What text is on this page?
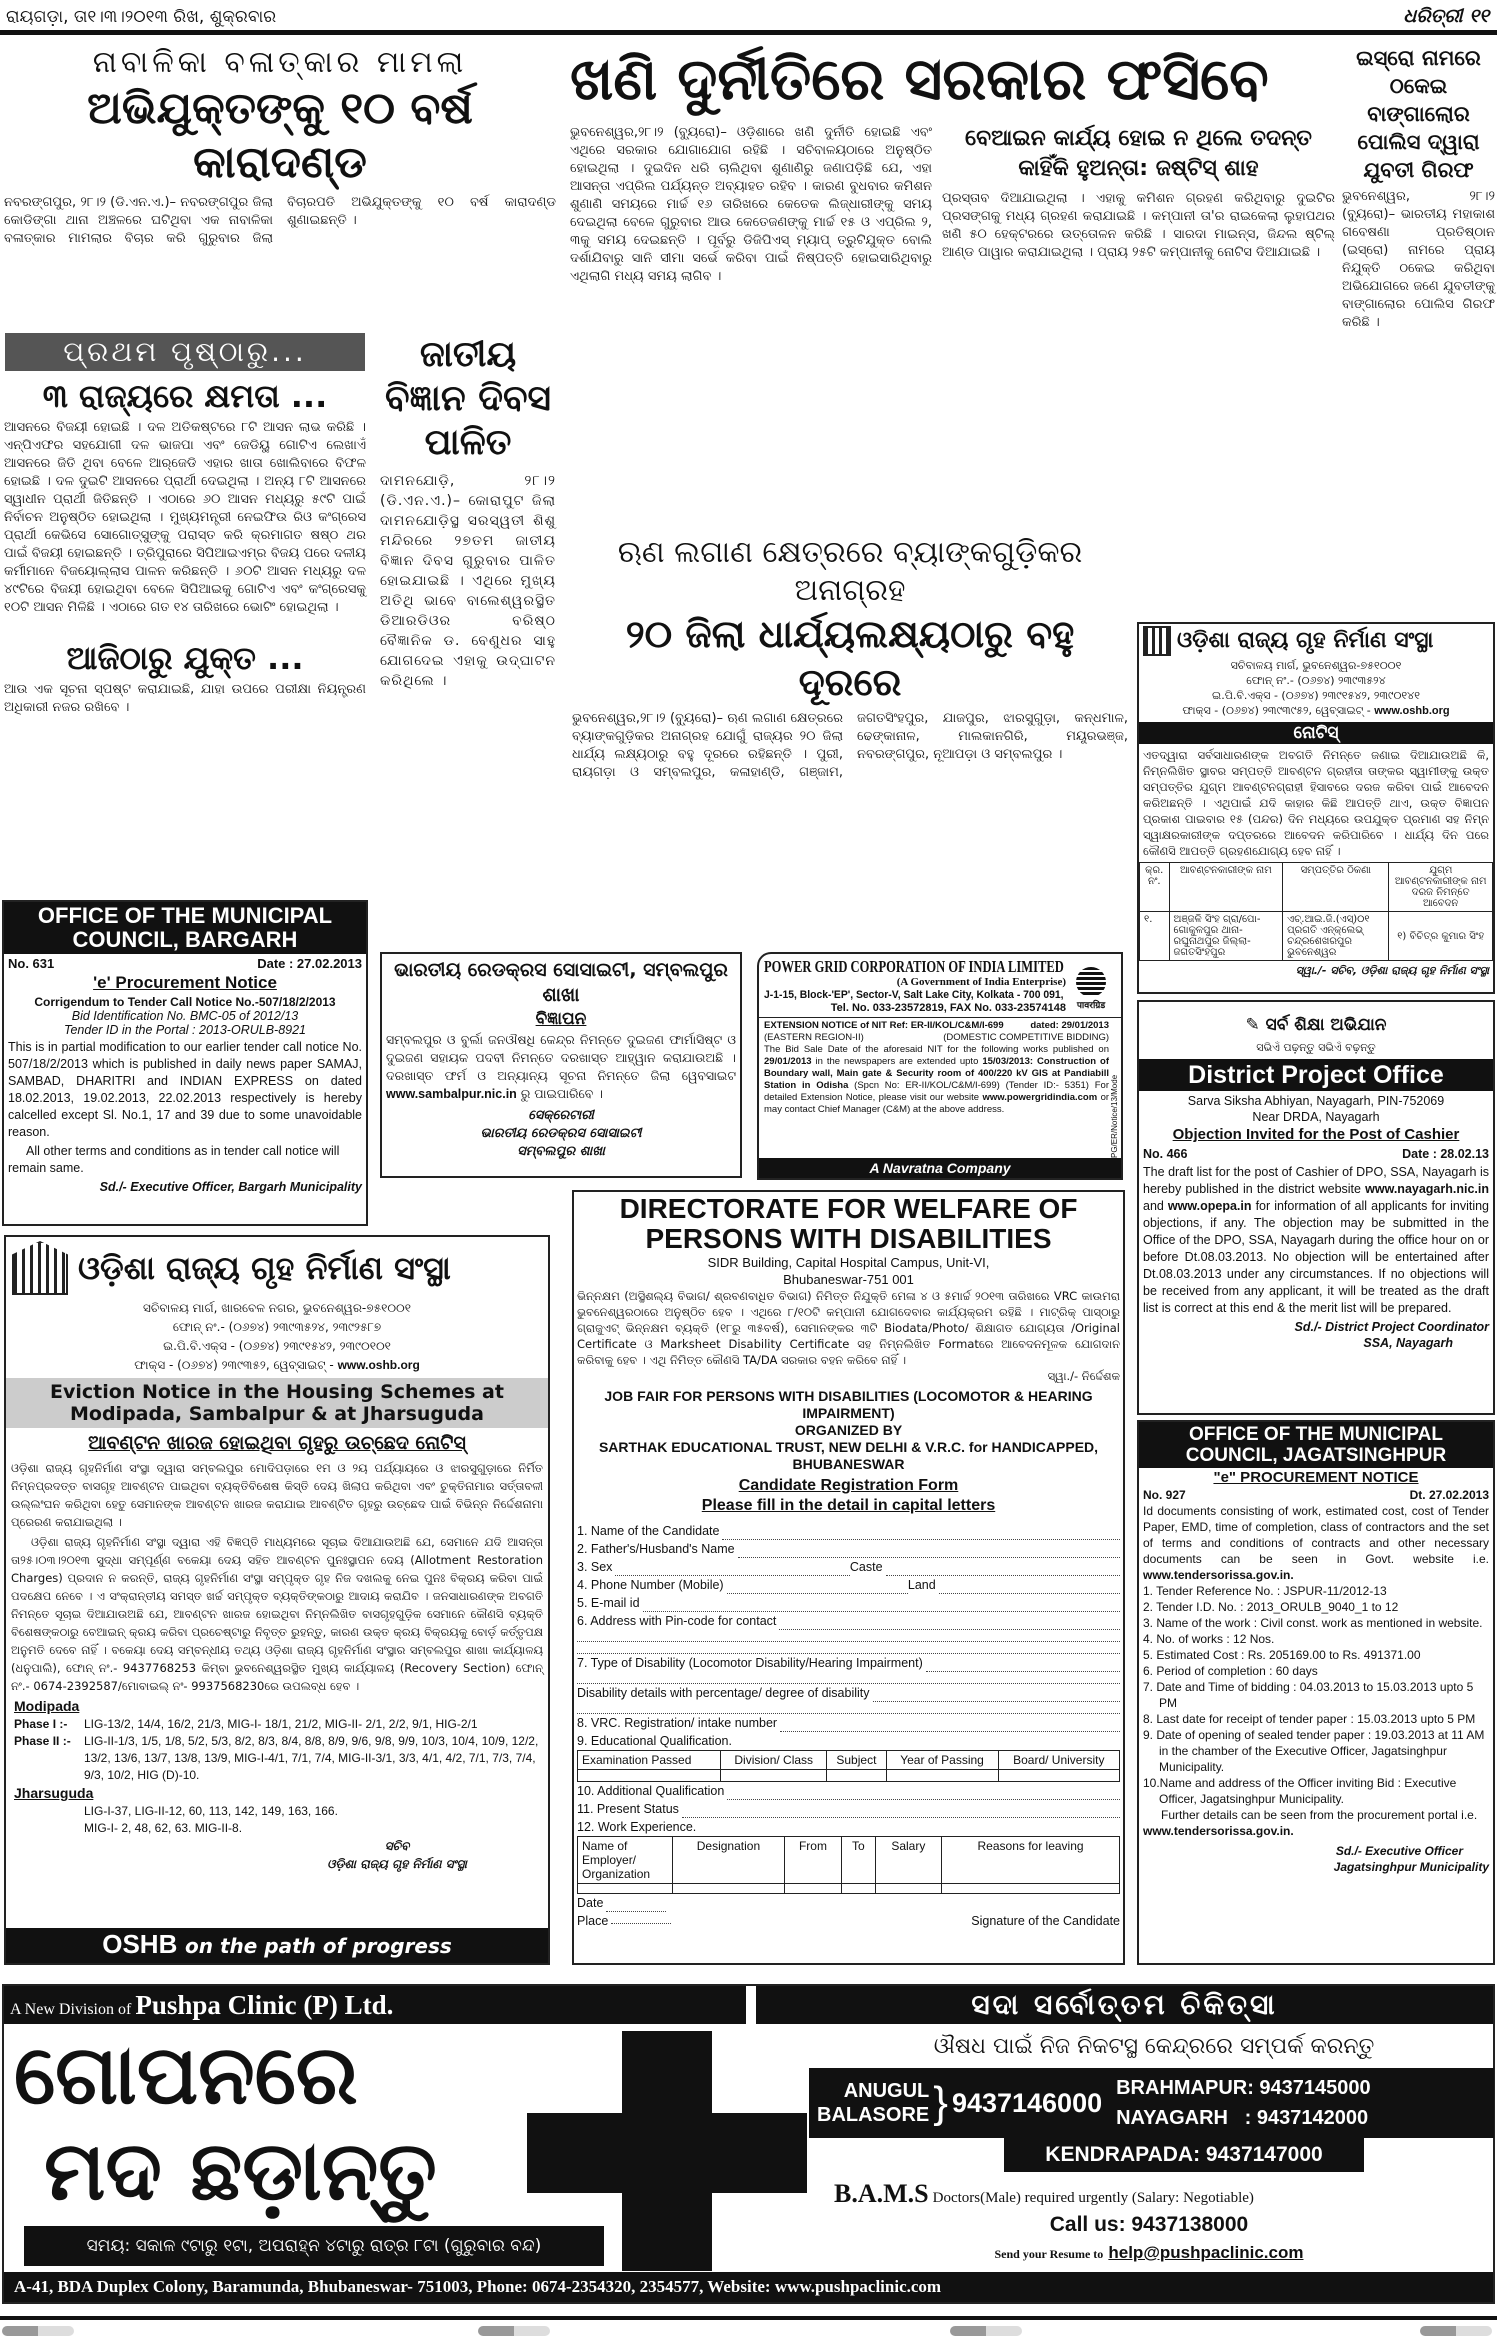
ରାୟଗଡ଼ା, ତା୧।୩।୨୦୧୩ ରିଖ, ଶୁକ୍ରବାର	ଧରିତ୍ରୀ ୧୧
ନାବାଳିକା ବଳାତ୍କାର ମାମଲା
ଅଭିଯୁକ୍ତଙ୍କୁ ୧୦ ବର୍ଷ କାରାଦଣ୍ଡ
ନବରଙ୍ଗପୁର, ୨୮।୨ (ଡି.ଏନ.ଏ.)– ନବରଙ୍ଗପୁର ଜିଲା କୋଡିଙ୍ଗା ଥାନା ଅଞ୍ଚଳରେ ଘଟିଥିବା ଏକ ନାବାଳିକା ବଳାତ୍କାର ମାମଲାର ବିଚାର କରି ଗୁରୁବାର ଜିଲା ବିଚାରପତି ଅଭିଯୁକ୍ତଙ୍କୁ ୧୦ ବର୍ଷ କାରାଦଣ୍ଡ ଶୁଣାଇଛନ୍ତି ।
ପ୍ରଥମ ପୃଷ୍ଠାରୁ...
୩ ରାଜ୍ୟରେ କ୍ଷମତା ...
ଆସନରେ ବିଜୟୀ ହୋଇଛି । ଦଳ ଅତିକଷ୍ଟରେ ୮ଟି ଆସନ ଲାଭ କରିଛି । ଏନ୍‌ପିଏଫର ସହଯୋଗୀ ଦଳ ଭାଜପା ଏବଂ ଜେଡିୟୁ ଗୋଟିଏ ଲେଖାଏଁ ଆସନରେ ଜିତି ଥିବା ବେଳେ ଆର୍‌ଜେଡି ଏହାର ଖାତା ଖୋଲିବାରେ ବିଫଳ ହୋଇଛି । ଦଳ ଦୁଇଟି ଆସନରେ ପ୍ରାର୍ଥୀ ଦେଇଥିଲା । ଅନ୍ୟ ୮ଟି ଆସନରେ ସ୍ୱାଧୀନ ପ୍ରାର୍ଥୀ ଜିତିଛନ୍ତି । ଏଠାରେ ୬୦ ଆସନ ମଧ୍ୟରୁ ୫୯ଟି ପାଇଁ ନିର୍ବାଚନ ଅନୁଷ୍ଠିତ ହୋଇଥିଲା । ମୁଖ୍ୟମନ୍ତ୍ରୀ ନେଇଫିଉ ରିଓ କଂଗ୍ରେସ ପ୍ରାର୍ଥୀ କେଭିସେ ସୋଗୋତ୍ସୁଙ୍କୁ ପରାସ୍ତ କରି କ୍ରମାଗତ ଷଷ୍ଠ ଥର ପାଇଁ ବିଜୟୀ ହୋଇଛନ୍ତି । ତ୍ରିପୁରାରେ ସିପିଆଇଏମ୍‌ର ବିଜୟ ପରେ ଦଳୀୟ କର୍ମୀମାନେ ବିଜୟୋଲ୍ଲାସ ପାଳନ କରିଛନ୍ତି । ୬୦ଟି ଆସନ ମଧ୍ୟରୁ ଦଳ ୪୯ଟିରେ ବିଜୟୀ ହୋଇଥିବା ବେଳେ ସିପିଆଇକୁ ଗୋଟିଏ ଏବଂ କଂଗ୍ରେସକୁ ୧୦ଟି ଆସନ ମିଳିଛି । ଏଠାରେ ଗତ ୧୪ ତାରିଖରେ ଭୋଟିଂ ହୋଇଥିଲା ।
ଆଜିଠାରୁ ଯୁକ୍ତ ...
ଆଉ ଏକ ସୂଚନା ସ୍ପଷ୍ଟ କରାଯାଇଛି, ଯାହା ଉପରେ ପରୀକ୍ଷା ନିୟନ୍ତ୍ରଣ ଅଧିକାରୀ ନଜର ରଖିବେ ।
ଜାତୀୟ ବିଜ୍ଞାନ ଦିବସ ପାଳିତ
ଦାମନଯୋଡ଼ି, ୨୮।୨ (ଡି.ଏନ.ଏ.)– କୋରାପୁଟ ଜିଲା ଦାମନଯୋଡ଼ିସ୍ଥ ସରସ୍ୱତୀ ଶିଶୁ ମନ୍ଦିରରେ ୨୭ତମ ଜାତୀୟ ବିଜ୍ଞାନ ଦିବସ ଗୁରୁବାର ପାଳିତ ହୋଇଯାଇଛି । ଏଥିରେ ମୁଖ୍ୟ ଅତିଥି ଭାବେ ବାଲେଶ୍ୱରସ୍ଥିତ ଡିଆରଡିଓର ବରିଷ୍ଠ ବୈଜ୍ଞାନିକ ଡ. ବେଣୁଧର ସାହୁ ଯୋଗଦେଇ ଏହାକୁ ଉଦ୍‌ଘାଟନ କରିଥିଲେ ।
OFFICE OF THE MUNICIPAL COUNCIL, BARGARH
No. 631	Date : 27.02.2013
'e' Procurement Notice
Corrigendum to Tender Call Notice No.-507/18/2/2013
Bid Identification No. BMC-05 of 2012/13
Tender ID in the Portal : 2013-ORULB-8921
This is in partial modification to our earlier tender call notice No. 507/18/2/2013 which is published in daily news paper SAMAJ, SAMBAD, DHARITRI and INDIAN EXPRESS on dated 18.02.2013, 19.02.2013, 22.02.2013 respectively is hereby calcelled except Sl. No.1, 17 and 39 due to some unavoidable reason.
All other terms and conditions as in tender call notice will remain same.
Sd./- Executive Officer, Bargarh Municipality
ଖଣି ଦୁର୍ନୀତିରେ ସରକାର ଫସିବେ
ଭୁବନେଶ୍ୱର,୨୮।୨ (ବ୍ୟୁରୋ)– ଓଡ଼ିଶାରେ ଖଣି ଦୁର୍ନୀତି ହୋଇଛି ଏବଂ ଏଥିରେ ସରକାର ଯୋଗାଯୋଗ ରହିଛି । ସଚିବାଳୟଠାରେ ଅନୁଷ୍ଠିତ ହୋଇଥିଲା । ଦୁଇଦିନ ଧରି ଚାଲିଥିବା ଶୁଣାଣିରୁ ଜଣାପଡ଼ିଛି ଯେ, ଏହା ଆସନ୍ତା ଏପ୍ରିଲ ପର୍ଯ୍ୟନ୍ତ ଅବ୍ୟାହତ ରହିବ । କାରଣ ବୁଧବାର କମିଶନ ଶୁଣାଣି ସମୟରେ ମାର୍ଚ୍ଚ ୧୬ ତାରିଖରେ କେତେକ ଲିଜ୍‌ଧାରୀଙ୍କୁ ସମୟ ଦେଇଥିଲା ବେଳେ ଗୁରୁବାର ଆଉ କେତେଜଣଙ୍କୁ ମାର୍ଚ୍ଚ ୧୫ ଓ ଏପ୍ରିଲ ୨, ୩କୁ ସମୟ ଦେଇଛନ୍ତି । ପୂର୍ବରୁ ଡିଜିପିଏସ୍ ମ୍ୟାପ୍ ତ୍ରୁଟିଯୁକ୍ତ ବୋଲି ଦର୍ଶାଯିବାରୁ ସାନି ସୀମା ସର୍ଭେ କରିବା ପାଇଁ ନିଷ୍ପତ୍ତି ହୋଇସାରିଥିବାରୁ ଏଥିଲାଗି ମଧ୍ୟ ସମୟ ଲାଗିବ ।
ବେଆଇନ କାର୍ଯ୍ୟ ହୋଇ ନ ଥିଲେ ତଦନ୍ତ କାହିଁକି ହୁଅନ୍ତା: ଜଷ୍ଟିସ୍ ଶାହ
ପ୍ରସ୍ତାବ ଦିଆଯାଇଥିଲା । ଏହାକୁ କମିଶନ ଗ୍ରହଣ କରିଥିବାରୁ ଦୁଇଟିର ପ୍ରସଙ୍ଗକୁ ମଧ୍ୟ ଗ୍ରହଣ କରାଯାଇଛି । କମ୍ପାନୀ ତା'ର ରାଇକେଲା ଲୁହାପଥର ଖଣି ୫୦ ହେକ୍ଟରରେ ଉତ୍ତୋଳନ କରିଛି । ସାରଦା ମାଇନ୍ସ, ଜିନ୍ଦଲ ଷ୍ଟିଲ୍ ଆଣ୍ଡ ପାୱାର କରାଯାଇଥିଲା । ପ୍ରାୟ ୨୫ଟି କମ୍ପାନୀକୁ ନୋଟିସ ଦିଆଯାଇଛି ।
ଋଣ ଲଗାଣ କ୍ଷେତ୍ରରେ ବ୍ୟାଙ୍କଗୁଡ଼ିକର ଅନାଗ୍ରହ
୨୦ ଜିଲା ଧାର୍ଯ୍ୟଲକ୍ଷ୍ୟଠାରୁ ବହୁ ଦୂରରେ
ଭୁବନେଶ୍ୱର,୨୮।୨ (ବ୍ୟୁରୋ)– ଋଣ ଲଗାଣ କ୍ଷେତ୍ରରେ ବ୍ୟାଙ୍କଗୁଡ଼ିକର ଅନାଗ୍ରହ ଯୋଗୁଁ ରାଜ୍ୟର ୨୦ ଜିଲା ଧାର୍ଯ୍ୟ ଲକ୍ଷ୍ୟଠାରୁ ବହୁ ଦୂରରେ ରହିଛନ୍ତି । ପୁରୀ, ରାୟଗଡ଼ା ଓ ସମ୍ବଲପୁର, କଳାହାଣ୍ଡି, ଗଞ୍ଜାମ, ଜଗତସିଂହପୁର, ଯାଜପୁର, ଝାରସୁଗୁଡ଼ା, କନ୍ଧମାଳ, ଢେଙ୍କାନାଳ, ମାଲକାନଗିରି, ମୟୂରଭଞ୍ଜ, ନବରଙ୍ଗପୁର, ନୂଆପଡ଼ା ଓ ସମ୍ବଲପୁର ।
ଇସ୍ରୋ ନାମରେ ଠକେଇ ବାଙ୍ଗାଲୋର ପୋଲିସ ଦ୍ୱାରା ଯୁବତୀ ଗିରଫ
ଭୁବନେଶ୍ୱର, ୨୮।୨ (ବ୍ୟୁରୋ)– ଭାରତୀୟ ମହାକାଶ ଗବେଷଣା ପ୍ରତିଷ୍ଠାନ (ଇସ୍ରୋ) ନାମରେ ପ୍ରାୟ ନିଯୁକ୍ତି ଠକେଇ କରିଥିବା ଅଭିଯୋଗରେ ଜଣେ ଯୁବତୀଙ୍କୁ ବାଙ୍ଗାଲୋର ପୋଲିସ ଗିରଫ କରିଛି ।
ଭାରତୀୟ ରେଡକ୍ରସ ସୋସାଇଟୀ, ସମ୍ବଲପୁର ଶାଖା
ବିଜ୍ଞାପନ
ସମ୍ବଲପୁର ଓ ବୁର୍ଲା ଜନଔଷଧି କେନ୍ଦ୍ର ନିମନ୍ତେ ଦୁଇଜଣ ଫାର୍ମାସିଷ୍ଟ ଓ ଦୁଇଜଣ ସହାୟକ ପଦବୀ ନିମନ୍ତେ ଦରଖାସ୍ତ ଆହ୍ୱାନ କରାଯାଉଅଛି । ଦରଖାସ୍ତ ଫର୍ମ ଓ ଅନ୍ୟାନ୍ୟ ସୂଚନା ନିମନ୍ତେ ଜିଲା ୱେବସାଇଟ www.sambalpur.nic.in ରୁ ପାଇପାରିବେ ।
ସେକ୍ରେଟାରୀ
ଭାରତୀୟ ରେଡକ୍ରସ ସୋସାଇଟୀ
ସମ୍ବଲପୁର ଶାଖା
POWER GRID CORPORATION OF INDIA LIMITED
(A Government of India Enterprise)
J-1-15, Block-'EP', Sector-V, Salt Lake City, Kolkata - 700 091,
Tel. No. 033-23572819, FAX No. 033-23574148 पावरग्रिड
EXTENSION NOTICE of NIT Ref: ER-II/KOL/C&M/I-699	dated: 29/01/2013
(EASTERN REGION-II)	(DOMESTIC COMPETITIVE BIDDING)
The Bid Sale Date of the aforesaid NIT for the following works published on 29/01/2013 in the newspapers are extended upto 15/03/2013: Construction of Boundary wall, Main gate & Security room of 400/220 kV GIS at Pandiabill Station in Odisha (Spcn No: ER-II/KOL/C&M/I-699) (Tender ID:- 5351) For detailed Extension Notice, please visit our website www.powergridindia.com or may contact Chief Manager (C&M) at the above address.	PG/ER/Notice/13/Mode
A Navratna Company
ଓଡ଼ିଶା ରାଜ୍ୟ ଗୃହ ନିର୍ମାଣ ସଂସ୍ଥା
ସଚିବାଳୟ ମାର୍ଗ, ଭୁବନେଶ୍ୱର-୭୫୧୦୦୧
ଫୋନ୍ ନଂ.- (୦୬୭୪) ୨୩୯୩୫୨୪
ଇ.ପି.ବି.ଏକ୍ସ - (୦୬୭୪) ୨୩୯୧୫୪୨, ୨୩୯୦୧୪୧
ଫାକ୍ସ - (୦୬୭୪) ୨୩୯୩୯୫୨, ୱେବ୍‌ସାଇଟ୍ - www.oshb.org
ନୋଟିସ୍
ଏତଦ୍ୱାରା ସର୍ବସାଧାରଣଙ୍କ ଅବଗତି ନିମନ୍ତେ ଜଣାଇ ଦିଆଯାଉଅଛି କି, ନିମ୍ନଲିଖିତ ସ୍ଥାବର ସମ୍ପତ୍ତି ଆବଣ୍ଟନ ଗ୍ରହୀତା ତାଙ୍କର ସ୍ୱାମୀଙ୍କୁ ଉକ୍ତ ସମ୍ପତ୍ତିର ଯୁଗ୍ମ ଆବଣ୍ଟନଗ୍ରାହୀ ହିସାବରେ ଦରଜ କରିବା ପାଇଁ ଆବେଦନ କରିଅଛନ୍ତି । ଏଥିପାଇଁ ଯଦି କାହାର କିଛି ଆପତ୍ତି ଥାଏ, ଉକ୍ତ ବିଜ୍ଞାପନ ପ୍ରକାଶ ପାଇବାର ୧୫ (ପନ୍ଦର) ଦିନ ମଧ୍ୟରେ ଉପଯୁକ୍ତ ପ୍ରମାଣ ସହ ନିମ୍ନ ସ୍ୱାକ୍ଷରକାରୀଙ୍କ ଦପ୍ତରରେ ଆବେଦନ କରିପାରିବେ । ଧାର୍ଯ୍ୟ ଦିନ ପରେ କୌଣସି ଆପତ୍ତି ଗ୍ରହଣଯୋଗ୍ୟ ହେବ ନାହିଁ ।
କ୍ର. ନଂ.	ଆବଣ୍ଟନକାରୀଙ୍କ ନାମ	ସମ୍ପତ୍ତିର ଠିକଣା	ଯୁଗ୍ମ ଆବଣ୍ଟନକାରୀଙ୍କ ନାମ ଦରଜ ନିମନ୍ତେ ଆବେଦନ
୧.	ଅଞ୍ଜଳି ସିଂହ ଗ୍ରା/ପୋ-ଗୋକୁଳପୁର ଥାନା-ରଘୁନାଥପୁର ଜିଲ୍ଲା-ଜଗତସିଂହପୁର	ଏଚ୍.ଆଇ.ଜି.(ଏସ୍)୦୧ ପ୍ରଗତି ଏନ୍‌କ୍ଲେଭ୍ ଚନ୍ଦ୍ରଶେଖରପୁର ଭୁବନେଶ୍ୱର	୧) ବିଚିତ୍ର କୁମାର ସିଂହ
ସ୍ୱା./- ସଚିବ, ଓଡ଼ିଶା ରାଜ୍ୟ ଗୃହ ନିର୍ମାଣ ସଂସ୍ଥା
✎ ସର୍ବ ଶିକ୍ଷା ଅଭିଯାନ
ସଭିଏଁ ପଢ଼ନ୍ତୁ ସଭିଏଁ ବଢ଼ନ୍ତୁ
District Project Office
Sarva Siksha Abhiyan, Nayagarh, PIN-752069
Near DRDA, Nayagarh
Objection Invited for the Post of Cashier
No. 466	Date : 28.02.13
The draft list for the post of Cashier of DPO, SSA, Nayagarh is hereby published in the district website www.nayagarh.nic.in and www.opepa.in for information of all applicants for inviting objections, if any. The objection may be submitted in the Office of the DPO, SSA, Nayagarh during the office hour on or before Dt.08.03.2013. No objection will be entertained after Dt.08.03.2013 under any circumstances. If no objections will be received from any applicant, it will be treated as the draft list is correct at this end & the merit list will be prepared.
Sd./- District Project Coordinator
SSA, Nayagarh
OFFICE OF THE MUNICIPAL COUNCIL, JAGATSINGHPUR
"e" PROCUREMENT NOTICE
No. 927	Dt. 27.02.2013
Id documents consisting of work, estimated cost, cost of Tender Paper, EMD, time of completion, class of contractors and the set of terms and conditions of contracts and other necessary documents can be seen in Govt. website i.e. www.tendersorissa.gov.in.
1. Tender Reference No. : JSPUR-11/2012-13
2. Tender I.D. No. : 2013_ORULB_9040_1 to 12
3. Name of the work : Civil const. work as mentioned in website.
4. No. of works : 12 Nos.
5. Estimated Cost : Rs. 205169.00 to Rs. 491371.00
6. Period of completion : 60 days
7. Date and Time of bidding : 04.03.2013 to 15.03.2013 upto 5 PM
8. Last date for receipt of tender paper : 15.03.2013 upto 5 PM
9. Date of opening of sealed tender paper : 19.03.2013 at 11 AM in the chamber of the Executive Officer, Jagatsinghpur Municipality.
10.Name and address of the Officer inviting Bid : Executive Officer, Jagatsinghpur Municipality.
Further details can be seen from the procurement portal i.e. www.tendersorissa.gov.in.
Sd./- Executive Officer
Jagatsinghpur Municipality
DIRECTORATE FOR WELFARE OF PERSONS WITH DISABILITIES
SIDR Building, Capital Hospital Campus, Unit-VI,
Bhubaneswar-751 001
ଭିନ୍ନକ୍ଷମ (ଅସ୍ଥିଶଲ୍ୟ ବିଭାଗ/ ଶ୍ରବଣବାଧିତ ବିଭାଗ) ନିମିତ୍ତ ନିଯୁକ୍ତି ମେଳା ୪ ଓ ୫ମାର୍ଚ୍ଚ ୨୦୧୩ ତାରିଖରେ VRC କାଉମରା ଭୁବନେଶ୍ୱରଠାରେ ଅନୁଷ୍ଠିତ ହେବ । ଏଥିରେ ୮/୧୦ଟି କମ୍ପାନୀ ଯୋଗଦେବାର କାର୍ଯ୍ୟକ୍ରମ ରହିଛି । ମାଟ୍ରିକ୍ ପାସ୍‌ଠାରୁ ଗ୍ରାଜୁଏଟ୍ ଭିନ୍ନକ୍ଷମ ବ୍ୟକ୍ତି (୧୮ରୁ ୩୫ବର୍ଷ), ସେମାନଙ୍କର ୩ଟି Biodata/Photo/ ଶିକ୍ଷାଗତ ଯୋଗ୍ୟତା /Original Certificate ଓ Marksheet Disability Certificate ସହ ନିମ୍ନଲିଖିତ Formatରେ ଆବେଦନମୂଳକ ଯୋଗଦାନ କରିବାକୁ ହେବ । ଏଥି ନିମିତ୍ତ କୌଣସି TA/DA ସରକାର ବହନ କରିବେ ନାହିଁ ।
ସ୍ୱା./- ନିର୍ଦ୍ଦେଶକ
JOB FAIR FOR PERSONS WITH DISABILITIES (LOCOMOTOR & HEARING IMPAIRMENT)
ORGANIZED BY
SARTHAK EDUCATIONAL TRUST, NEW DELHI & V.R.C. for HANDICAPPED, BHUBANESWAR
Candidate Registration Form
Please fill in the detail in capital letters
1. Name of the Candidate
2. Father's/Husband's Name
3. Sex	Caste
4. Phone Number (Mobile)	Land
5. E-mail id
6. Address with Pin-code for contact
7. Type of Disability (Locomotor Disability/Hearing Impairment)
Disability details with percentage/ degree of disability
8. VRC. Registration/ intake number
9. Educational Qualification.
Examination Passed	Division/ Class	Subject	Year of Passing	Board/ University

10. Additional Qualification
11. Present Status
12. Work Experience.
Name of Employer/ Organization	Designation	From	To	Salary	Reasons for leaving

Date
Place	Signature of the Candidate
ଓଡ଼ିଶା ରାଜ୍ୟ ଗୃହ ନିର୍ମାଣ ସଂସ୍ଥା
ସଚିବାଳୟ ମାର୍ଗ, ଖାରବେଳ ନଗର, ଭୁବନେଶ୍ୱର-୭୫୧୦୦୧
ଫୋନ୍ ନଂ.- (୦୬୭୪) ୨୩୯୩୫୨୪, ୨୩୯୨୫୮୭
ଇ.ପି.ବି.ଏକ୍ସ - (୦୬୭୪) ୨୩୯୧୫୪୨, ୨୩୯୦୧୦୧
ଫାକ୍ସ - (୦୬୭୪) ୨୩୯୩୫୨, ୱେବ୍‌ସାଇଟ୍ - www.oshb.org
Eviction Notice in the Housing Schemes at Modipada, Sambalpur & at Jharsuguda
ଆବଣ୍ଟନ ଖାରଜ ହୋଇଥିବା ଗୃହରୁ ଉଚ୍ଛେଦ ନୋଟିସ୍
ଓଡ଼ିଶା ରାଜ୍ୟ ଗୃହନିର୍ମାଣ ସଂସ୍ଥା ଦ୍ୱାରା ସମ୍ବଲପୁର ମୋଦିପଡ଼ାରେ ୧ମ ଓ ୨ୟ ପର୍ଯ୍ୟାୟରେ ଓ ଝାରସୁଗୁଡ଼ାରେ ନିର୍ମିତ ନିମ୍ନପ୍ରଦତ୍ତ ବାସଗୃହ ଆବଣ୍ଟନ ପାଇଥିବା ବ୍ୟକ୍ତିବିଶେଷ କିସ୍ତି ଦେୟ ଖିଲାପ କରିଥିବା ଏବଂ ଚୁକ୍ତିନାମାର ସର୍ତ୍ତାବଳୀ ଉଲ୍ଲଂଘନ କରିଥିବା ହେତୁ ସେମାନଙ୍କ ଆବଣ୍ଟନ ଖାରଜ କରାଯାଇ ଆବଣ୍ଟିତ ଗୃହରୁ ଉଚ୍ଛେଦ ପାଇଁ ବିଭିନ୍ନ ନିର୍ଦ୍ଦେଶନାମା ପ୍ରେରଣ କରାଯାଇଥିଲା ।
ଓଡ଼ିଶା ରାଜ୍ୟ ଗୃହନିର୍ମାଣ ସଂସ୍ଥା ଦ୍ୱାରା ଏହି ବିଜ୍ଞପ୍ତି ମାଧ୍ୟମରେ ସୂଚାଇ ଦିଆଯାଉଅଛି ଯେ, ସେମାନେ ଯଦି ଆସନ୍ତା ତା୨୫।୦୩।୨୦୧୩ ସୁଦ୍ଧା ସମ୍ପୂର୍ଣ୍ଣ ବକେୟା ଦେୟ ସହିତ ଆବଣ୍ଟନ ପୁନଃସ୍ଥାପନ ଦେୟ (Allotment Restoration Charges) ପ୍ରଦାନ ନ କରନ୍ତି, ରାଜ୍ୟ ଗୃହନିର୍ମାଣ ସଂସ୍ଥା ସମ୍ପୃକ୍ତ ଗୃହ ନିଜ ଦଖଲକୁ ନେଇ ପୁନଃ ବିକ୍ରୟ କରିବା ପାଇଁ ପଦକ୍ଷେପ ନେବେ । ଏ ସଂକ୍ରାନ୍ତୀୟ ସମସ୍ତ ଖର୍ଚ୍ଚ ସମ୍ପୃକ୍ତ ବ୍ୟକ୍ତିଙ୍କଠାରୁ ଆଦାୟ କରାଯିବ । ଜନସାଧାରଣଙ୍କ ଅବଗତି ନିମନ୍ତେ ସୂଚାଇ ଦିଆଯାଉଅଛି ଯେ, ଆବଣ୍ଟନ ଖାରଜ ହୋଇଥିବା ନିମ୍ନଲିଖିତ ବାସଗୃହଗୁଡ଼ିକ ସେମାନେ କୌଣସି ବ୍ୟକ୍ତି ବିଶେଷଙ୍କଠାରୁ ବେଆଇନ୍ କ୍ରୟ କରିବା ପ୍ରଚେଷ୍ଟାରୁ ନିବୃତ୍ତ ରୁହନ୍ତୁ, କାରଣ ଉକ୍ତ କ୍ରୟ ବିକ୍ରୟକୁ ବୋର୍ଡ଼ କର୍ତ୍ତୃପକ୍ଷ ଅନୁମତି ଦେବେ ନାହିଁ । ବକେୟା ଦେୟ ସମ୍ବନ୍ଧୀୟ ତଥ୍ୟ ଓଡ଼ିଶା ରାଜ୍ୟ ଗୃହନିର୍ମାଣ ସଂସ୍ଥାର ସମ୍ବଲପୁର ଶାଖା କାର୍ଯ୍ୟାଳୟ (ଧନୁପାଲି), ଫୋନ୍ ନଂ.- 9437768253 କିମ୍ବା ଭୁବନେଶ୍ୱରସ୍ଥିତ ମୁଖ୍ୟ କାର୍ଯ୍ୟାଳୟ (Recovery Section) ଫୋନ୍ ନଂ.- 0674-2392587/ମୋବାଇଲ୍ ନଂ- 9937568230ରେ ଉପଲବ୍ଧ ହେବ ।
Modipada
Phase I :-	LIG-13/2, 14/4, 16/2, 21/3, MIG-I- 18/1, 21/2, MIG-II- 2/1, 2/2, 9/1, HIG-2/1
Phase II :-	LIG-II-1/3, 1/5, 1/8, 5/2, 5/3, 8/2, 8/3, 8/4, 8/8, 8/9, 9/6, 9/8, 9/9, 10/3, 10/4, 10/9, 12/2, 13/2, 13/6, 13/7, 13/8, 13/9, MIG-I-4/1, 7/1, 7/4, MIG-II-3/1, 3/3, 4/1, 4/2, 7/1, 7/3, 7/4, 9/3, 10/2, HIG (D)-10.
Jharsuguda
LIG-I-37, LIG-II-12, 60, 113, 142, 149, 163, 166.
MIG-I- 2, 48, 62, 63. MIG-II-8.
ସଚିବ
ଓଡ଼ିଶା ରାଜ୍ୟ ଗୃହ ନିର୍ମାଣ ସଂସ୍ଥା
OSHB on the path of progress
A New Division of Pushpa Clinic (P) Ltd.	ସଦା ସର୍ବୋତ୍ତମ ଚିକିତ୍ସା
ଗୋପନରେ
ମଦ ଛଡ଼ାନ୍ତୁ
ସମୟ: ସକାଳ ୯ଟାରୁ ୧ଟା, ଅପରାହ୍ନ ୪ଟାରୁ ରାତ୍ର ୮ଟା (ଗୁରୁବାର ବନ୍ଦ)
ଔଷଧ ପାଇଁ ନିଜ ନିକଟସ୍ଥ କେନ୍ଦ୍ରରେ ସମ୍ପର୍କ କରନ୍ତୁ
ANUGUL
BALASORE } 9437146000 BRAHMAPUR: 9437145000
NAYAGARH   : 9437142000
KENDRAPADA: 9437147000
B.A.M.S Doctors(Male) required urgently (Salary: Negotiable)
Call us: 9437138000
Send your Resume to help@pushpaclinic.com
A-41, BDA Duplex Colony, Baramunda, Bhubaneswar- 751003, Phone: 0674-2354320, 2354577, Website: www.pushpaclinic.com
